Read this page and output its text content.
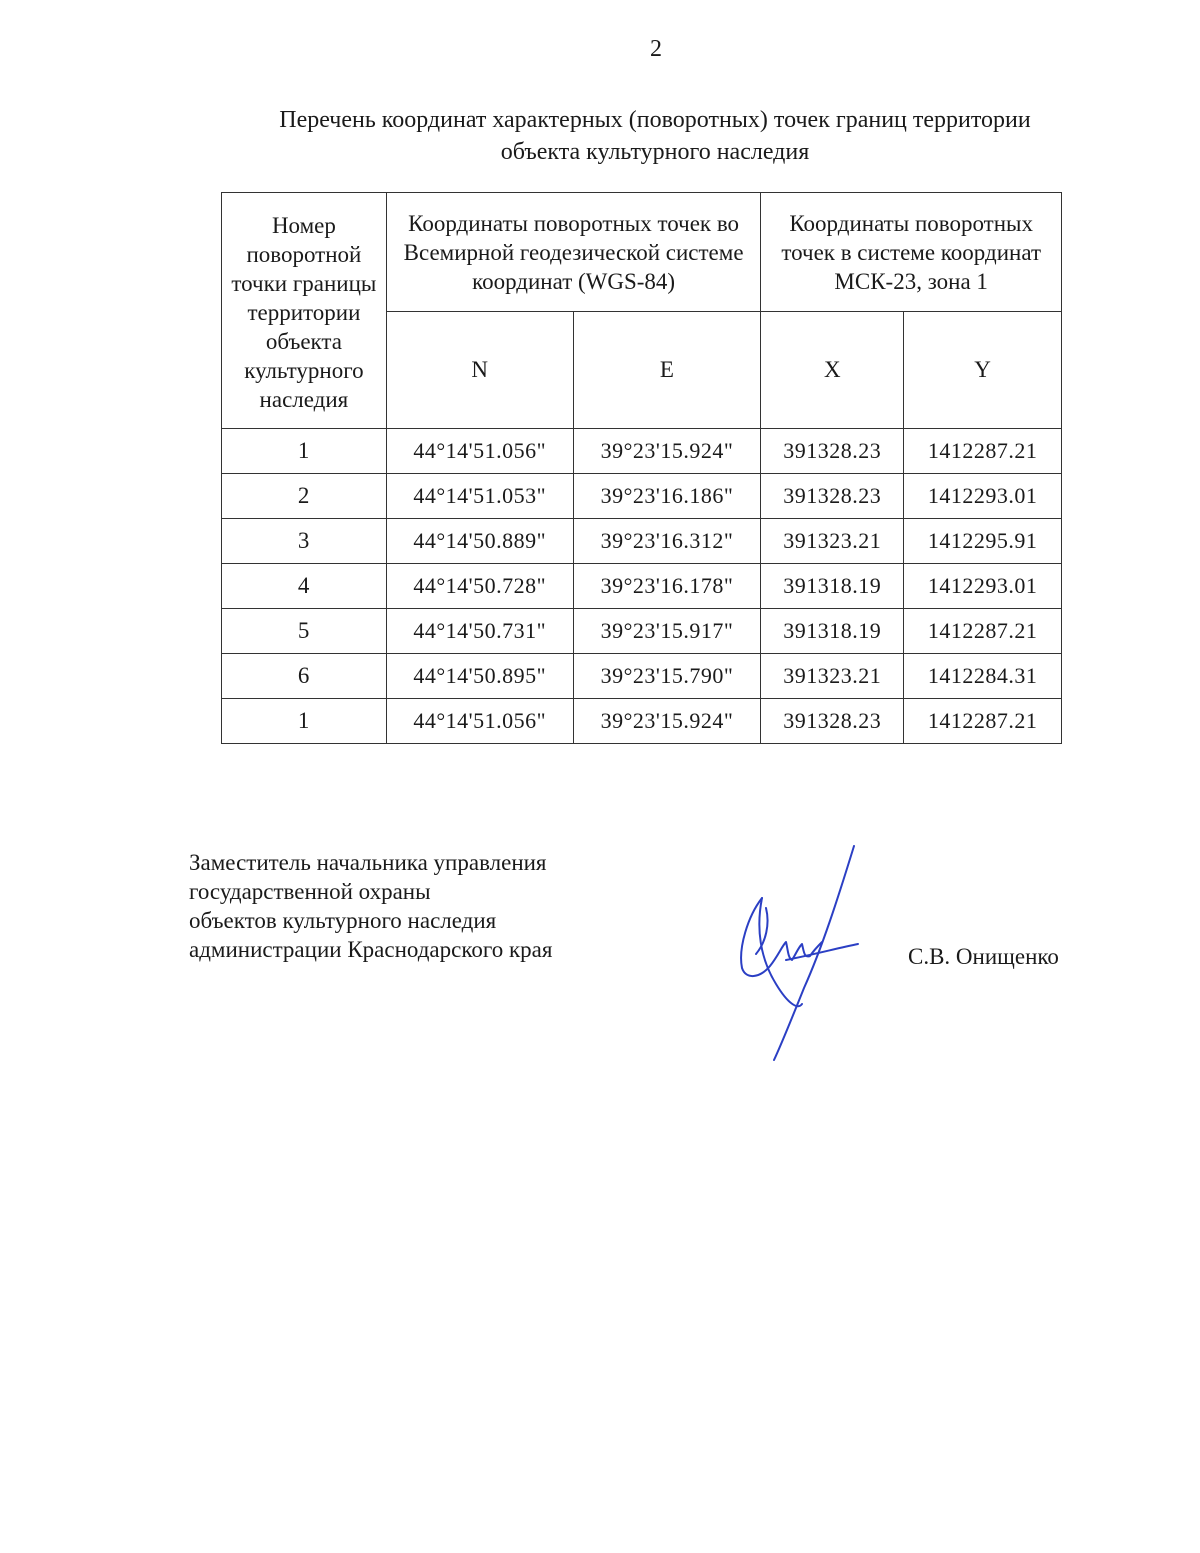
2
Перечень координат характерных (поворотных) точек границ территории
объекта культурного наследия
Номер поворотной точки границы территории объекта культурного наследия	Координаты поворотных точек во Всемирной геодезической системе координат (WGS-84)		Координаты поворотных точек в системе координат МСК-23, зона 1	
	N	E	X	Y
1	44°14'51.056"	39°23'15.924"	391328.23	1412287.21
2	44°14'51.053"	39°23'16.186"	391328.23	1412293.01
3	44°14'50.889"	39°23'16.312"	391323.21	1412295.91
4	44°14'50.728"	39°23'16.178"	391318.19	1412293.01
5	44°14'50.731"	39°23'15.917"	391318.19	1412287.21
6	44°14'50.895"	39°23'15.790"	391323.21	1412284.31
1	44°14'51.056"	39°23'15.924"	391328.23	1412287.21
Заместитель начальника управления
государственной охраны
объектов культурного наследия
администрации Краснодарского края	С.В. Онищенко
